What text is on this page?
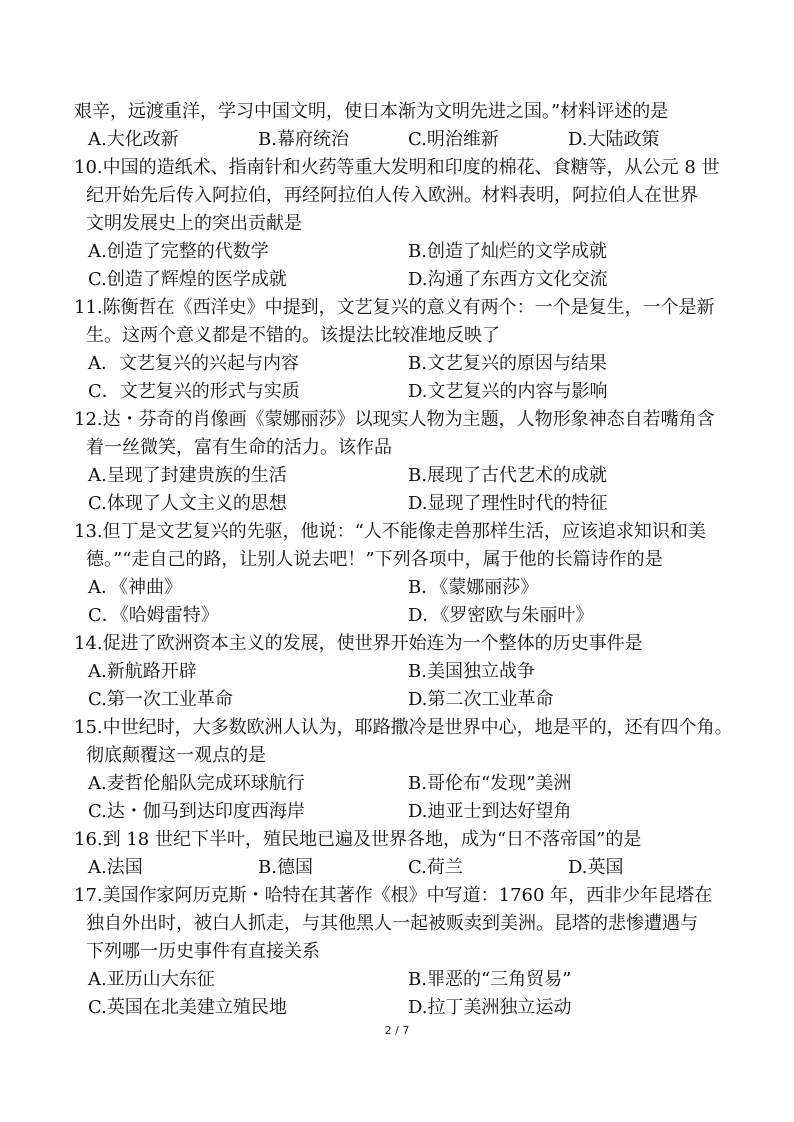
艰辛，远渡重洋，学习中国文明，使日本渐为文明先进之国。”材料评述的是
A.大化改新	B.幕府统治	C.明治维新	D.大陆政策
10.中国的造纸术、指南针和火药等重大发明和印度的棉花、食糖等，从公元 8 世
纪开始先后传入阿拉伯，再经阿拉伯人传入欧洲。材料表明，阿拉伯人在世界
文明发展史上的突出贡献是
A.创造了完整的代数学	B.创造了灿烂的文学成就
C.创造了辉煌的医学成就	D.沟通了东西方文化交流
11.陈衡哲在《西洋史》中提到，文艺复兴的意义有两个：一个是复生，一个是新
生。这两个意义都是不错的。该提法比较准地反映了
A．文艺复兴的兴起与内容	B.文艺复兴的原因与结果
C．文艺复兴的形式与实质	D.文艺复兴的内容与影响
12.达・芬奇的肖像画《蒙娜丽莎》以现实人物为主题，人物形象神态自若嘴角含
着一丝微笑，富有生命的活力。该作品
A.呈现了封建贵族的生活	B.展现了古代艺术的成就
C.体现了人文主义的思想	D.显现了理性时代的特征
13.但丁是文艺复兴的先驱，他说：“人不能像走兽那样生活，应该追求知识和美
德。”“走自己的路，让别人说去吧！”下列各项中，属于他的长篇诗作的是
A．《神曲》	B．《蒙娜丽莎》
C．《哈姆雷特》	D．《罗密欧与朱丽叶》
14.促进了欧洲资本主义的发展，使世界开始连为一个整体的历史事件是
A.新航路开辟	B.美国独立战争
C.第一次工业革命	D.第二次工业革命
15.中世纪时，大多数欧洲人认为，耶路撒冷是世界中心，地是平的，还有四个角。
彻底颠覆这一观点的是
A.麦哲伦船队完成环球航行	B.哥伦布“发现”美洲
C.达・伽马到达印度西海岸	D.迪亚士到达好望角
16.到 18 世纪下半叶，殖民地已遍及世界各地，成为“日不落帝国”的是
A.法国	B.德国	C.荷兰	D.英国
17.美国作家阿历克斯・哈特在其著作《根》中写道：1760 年，西非少年昆塔在
独自外出时，被白人抓走，与其他黑人一起被贩卖到美洲。昆塔的悲惨遭遇与
下列哪一历史事件有直接关系
A.亚历山大东征	B.罪恶的“三角贸易”
C.英国在北美建立殖民地	D.拉丁美洲独立运动
2 / 7
